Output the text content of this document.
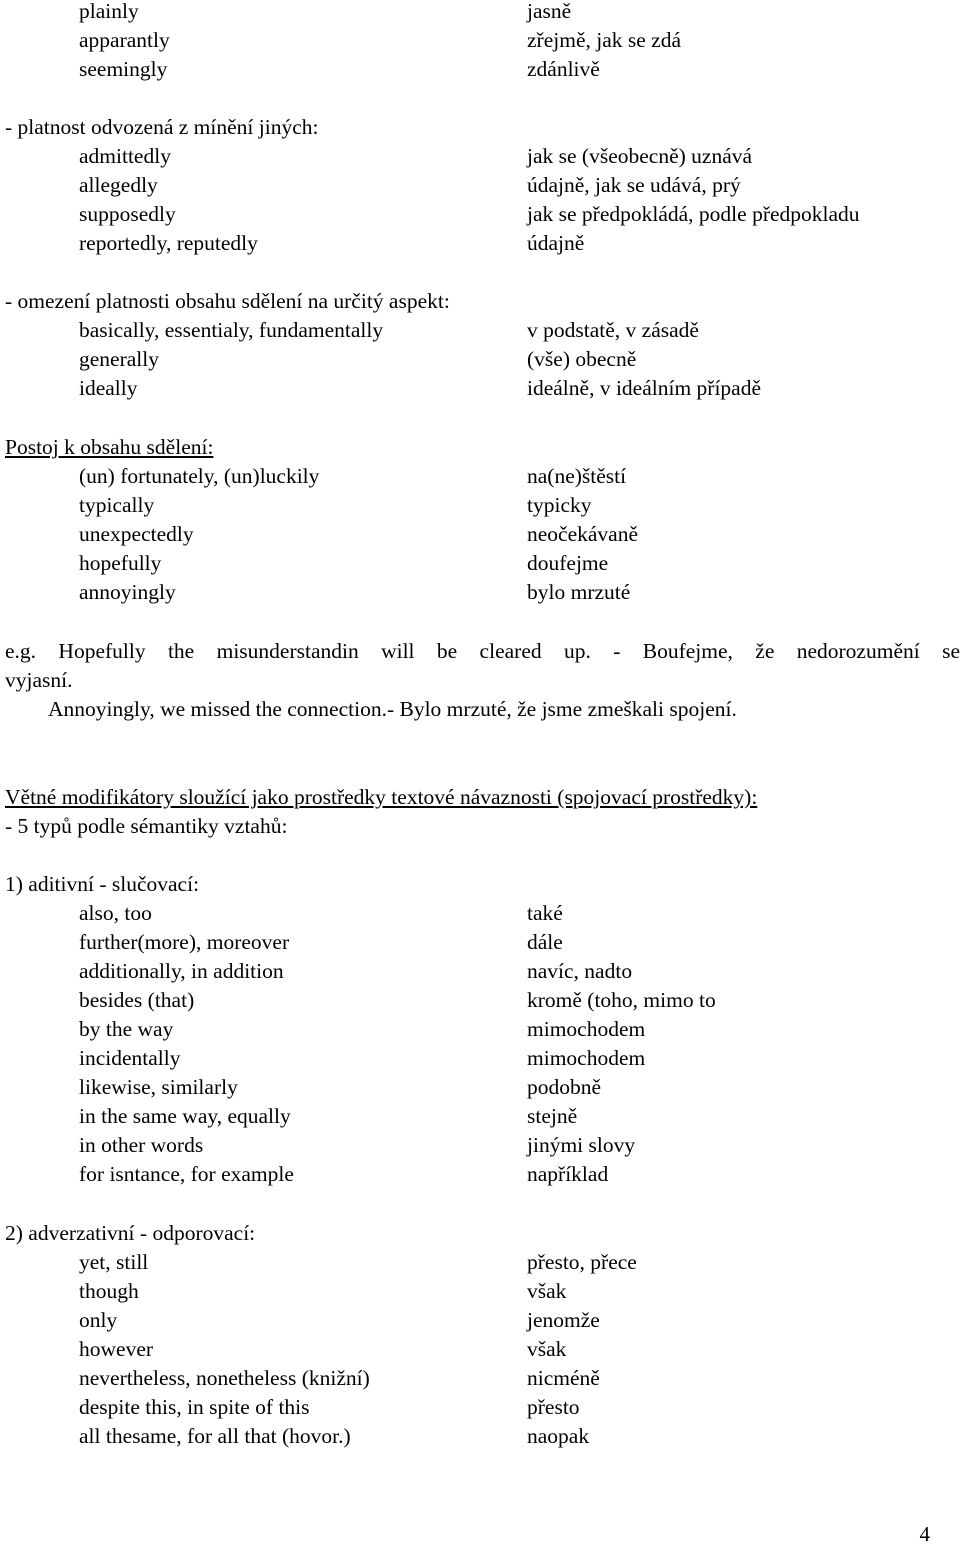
plainly	jasně
apparantly	zřejmě, jak se zdá
seemingly	zdánlivě
- platnost odvozená z mínění jiných:
admittedly	jak se (všeobecně) uznává
allegedly	údajně, jak se udává, prý
supposedly	jak se předpokládá, podle předpokladu
reportedly, reputedly	údajně
- omezení platnosti obsahu sdělení na určitý aspekt:
basically, essentialy, fundamentally	v podstatě, v zásadě
generally	(vše) obecně
ideally	ideálně, v ideálním případě
Postoj k obsahu sdělení:
(un) fortunately, (un)luckily	na(ne)štěstí
typically	typicky
unexpectedly	neočekávaně
hopefully	doufejme
annoyingly	bylo mrzuté
e.g. Hopefully the misunderstandin will be cleared up. - Boufejme, že nedorozumění se
vyjasní.
Annoyingly, we missed the connection.- Bylo mrzuté, že jsme zmeškali spojení.
Větné modifikátory sloužící jako prostředky textové návaznosti (spojovací prostředky):
- 5 typů podle sémantiky vztahů:
1) aditivní - slučovací:
also, too	také
further(more), moreover	dále
additionally, in addition	navíc, nadto
besides (that)	kromě (toho, mimo to
by the way	mimochodem
incidentally	mimochodem
likewise, similarly	podobně
in the same way, equally	stejně
in other words	jinými slovy
for isntance, for example	například
2) adverzativní - odporovací:
yet, still	přesto, přece
though	však
only	jenomže
however	však
nevertheless, nonetheless (knižní)	nicméně
despite this, in spite of this	přesto
all thesame, for all that (hovor.)	naopak
4
